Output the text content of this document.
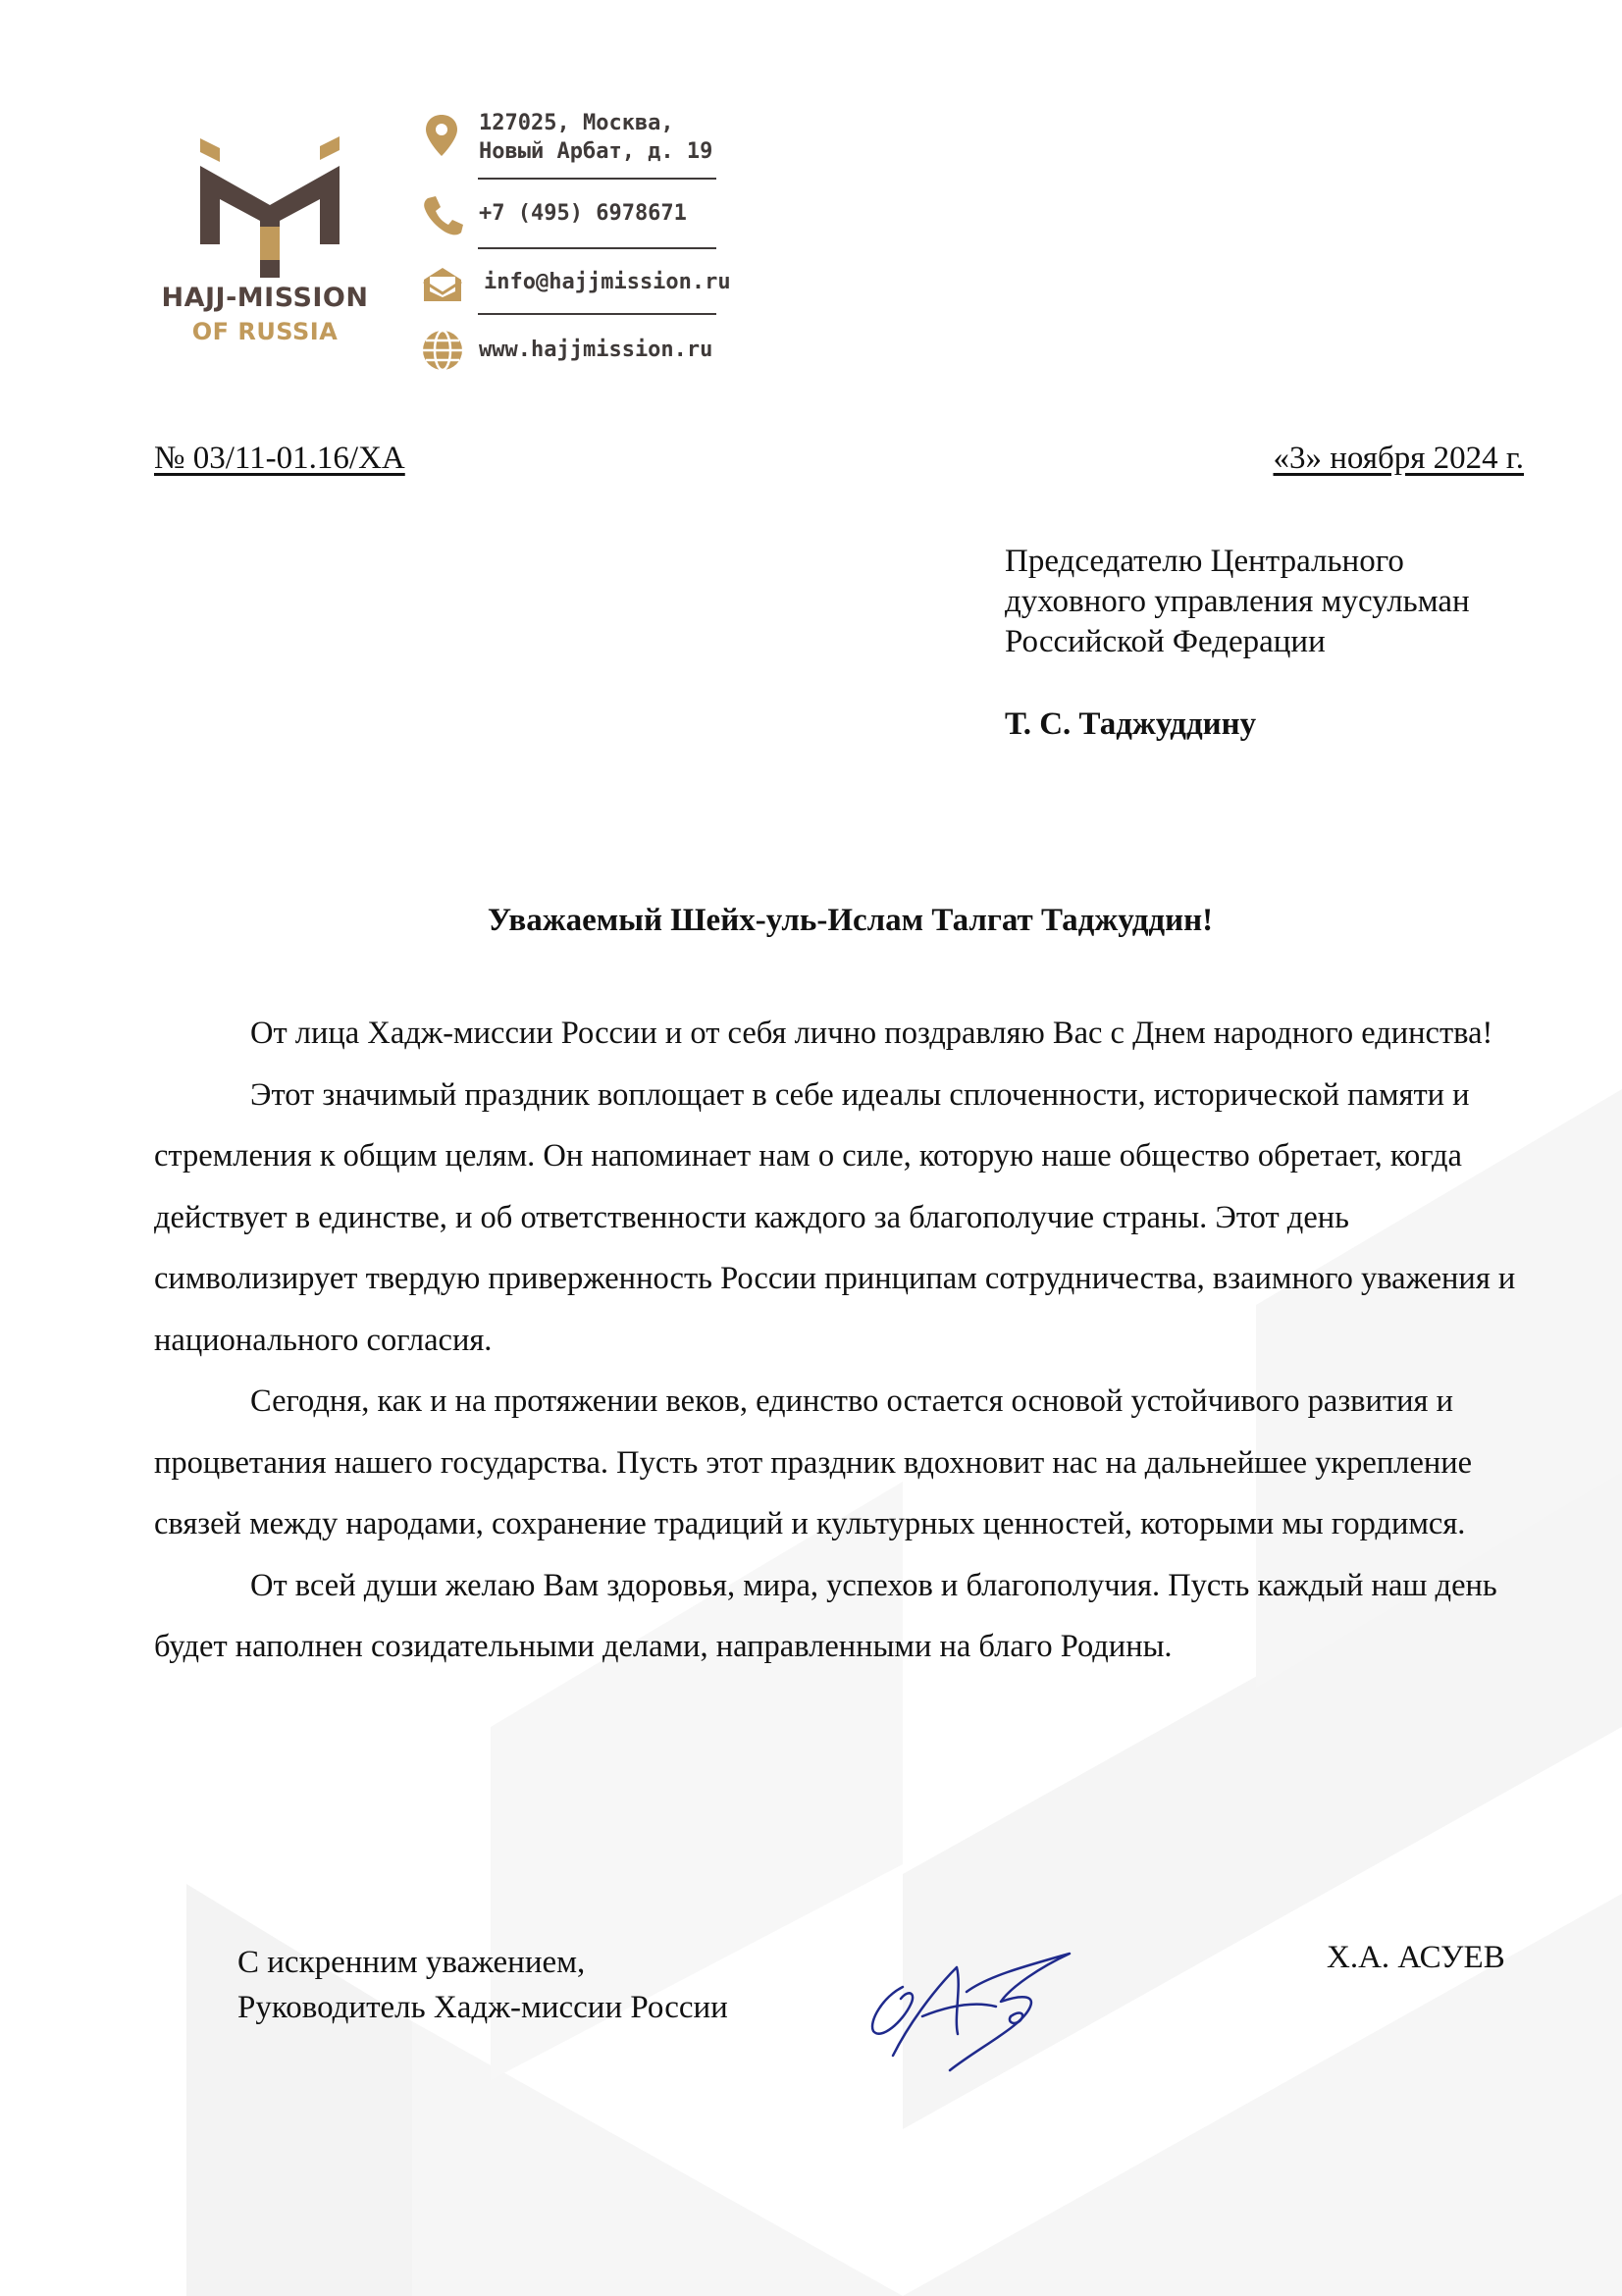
HAJJ-MISSION
OF RUSSIA
127025, Москва,
Новый Арбат, д. 19
+7 (495) 6978671
info@hajjmission.ru
www.hajjmission.ru
№ 03/11-01.16/ХА	«3» ноября 2024 г.
Председателю Центрального
духовного управления мусульман
Российской Федерации
Т. С. Таджуддину
Уважаемый Шейх-уль-Ислам Талгат Таджуддин!

От лица Хадж-миссии России и от себя лично поздравляю Вас с Днем народного единства!

Этот значимый праздник воплощает в себе идеалы сплоченности, исторической памяти и стремления к общим целям. Он напоминает нам о силе, которую наше общество обретает, когда действует в единстве, и об ответственности каждого за благополучие страны. Этот день символизирует твердую приверженность России принципам сотрудничества, взаимного уважения и национального согласия.

Сегодня, как и на протяжении веков, единство остается основой устойчивого развития и процветания нашего государства. Пусть этот праздник вдохновит нас на дальнейшее укрепление связей между народами, сохранение традиций и культурных ценностей, которыми мы гордимся.

От всей души желаю Вам здоровья, мира, успехов и благополучия. Пусть каждый наш день будет наполнен созидательными делами, направленными на благо Родины.

С искренним уважением,
Руководитель Хадж-миссии России
Х.А. АСУЕВ
